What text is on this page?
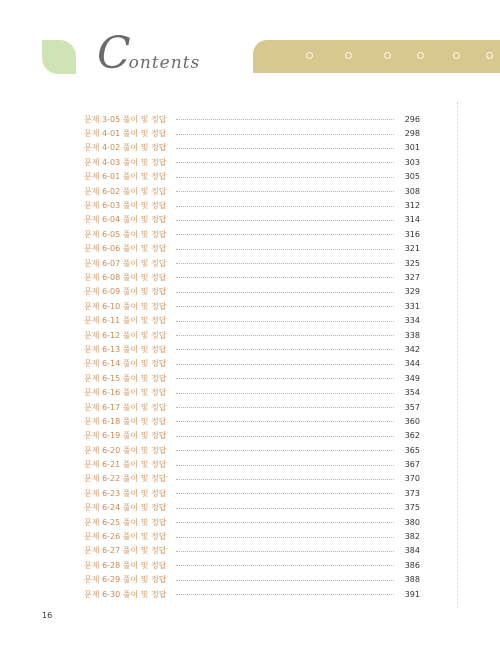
Contents
문제 3-05 풀이 및 정답	296
문제 4-01 풀이 및 정답	298
문제 4-02 풀이 및 정답	301
문제 4-03 풀이 및 정답	303
문제 6-01 풀이 및 정답	305
문제 6-02 풀이 및 정답	308
문제 6-03 풀이 및 정답	312
문제 6-04 풀이 및 정답	314
문제 6-05 풀이 및 정답	316
문제 6-06 풀이 및 정답	321
문제 6-07 풀이 및 정답	325
문제 6-08 풀이 및 정답	327
문제 6-09 풀이 및 정답	329
문제 6-10 풀이 및 정답	331
문제 6-11 풀이 및 정답	334
문제 6-12 풀이 및 정답	338
문제 6-13 풀이 및 정답	342
문제 6-14 풀이 및 정답	344
문제 6-15 풀이 및 정답	349
문제 6-16 풀이 및 정답	354
문제 6-17 풀이 및 정답	357
문제 6-18 풀이 및 정답	360
문제 6-19 풀이 및 정답	362
문제 6-20 풀이 및 정답	365
문제 6-21 풀이 및 정답	367
문제 6-22 풀이 및 정답	370
문제 6-23 풀이 및 정답	373
문제 6-24 풀이 및 정답	375
문제 6-25 풀이 및 정답	380
문제 6-26 풀이 및 정답	382
문제 6-27 풀이 및 정답	384
문제 6-28 풀이 및 정답	386
문제 6-29 풀이 및 정답	388
문제 6-30 풀이 및 정답	391
16
